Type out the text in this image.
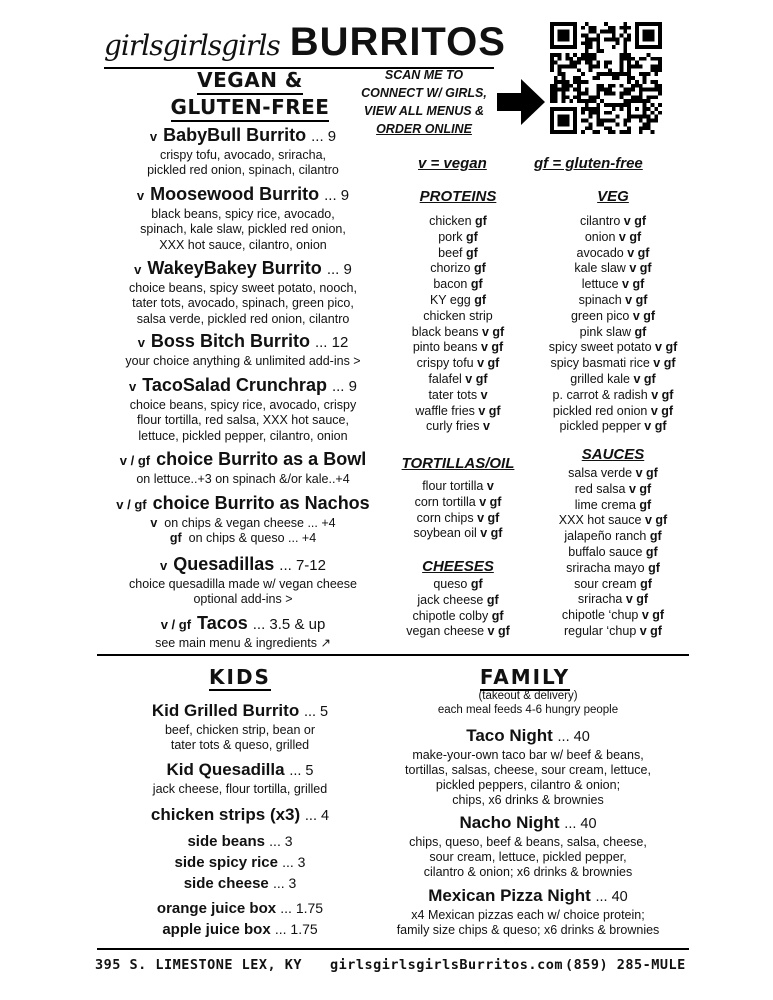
girlsgirlsgirls BURRITOS
VEGAN &
GLUTEN-FREE
SCAN ME TO
CONNECT W/ GIRLS,
VIEW ALL MENUS &
ORDER ONLINE
v = vegan	gf = gluten-free
PROTEINS
chicken gf
pork gf
beef gf
chorizo gf
bacon gf
KY egg gf
chicken strip
black beans v gf
pinto beans v gf
crispy tofu v gf
falafel v gf
tater tots v
waffle fries v gf
curly fries v
VEG
cilantro v gf
onion v gf
avocado v gf
kale slaw v gf
lettuce v gf
spinach v gf
green pico v gf
pink slaw gf
spicy sweet potato v gf
spicy basmati rice v gf
grilled kale v gf
p. carrot & radish v gf
pickled red onion v gf
pickled pepper v gf
TORTILLAS/OIL
flour tortilla v
corn tortilla v gf
corn chips v gf
soybean oil v gf
CHEESES
queso gf
jack cheese gf
chipotle colby gf
vegan cheese v gf
SAUCES
salsa verde v gf
red salsa v gf
lime crema gf
XXX hot sauce v gf
jalapeño ranch gf
buffalo sauce gf
sriracha mayo gf
sour cream gf
sriracha v gf
chipotle ‘chup v gf
regular ‘chup v gf
v BabyBull Burrito ... 9
crispy tofu, avocado, sriracha,
pickled red onion, spinach, cilantro
v Moosewood Burrito ... 9
black beans, spicy rice, avocado,
spinach, kale slaw, pickled red onion,
XXX hot sauce, cilantro, onion
v WakeyBakey Burrito ... 9
choice beans, spicy sweet potato, nooch,
tater tots, avocado, spinach, green pico,
salsa verde, pickled red onion, cilantro
v Boss Bitch Burrito ... 12
your choice anything & unlimited add-ins >
v TacoSalad Crunchrap ... 9
choice beans, spicy rice, avocado, crispy
flour tortilla, red salsa, XXX hot sauce,
lettuce, pickled pepper, cilantro, onion
v / gf choice Burrito as a Bowl
on lettuce..+3 on spinach &/or kale..+4
v / gf choice Burrito as Nachos
v on chips & vegan cheese ... +4
gf on chips & queso ... +4
v Quesadillas ... 7-12
choice quesadilla made w/ vegan cheese
optional add-ins >
v / gf Tacos ... 3.5 & up
see main menu & ingredients ↗
KIDS
Kid Grilled Burrito ... 5
beef, chicken strip, bean or
tater tots & queso, grilled
Kid Quesadilla ... 5
jack cheese, flour tortilla, grilled
chicken strips (x3) ... 4
side beans ... 3
side spicy rice ... 3
side cheese ... 3
orange juice box ... 1.75
apple juice box ... 1.75
FAMILY
(takeout & delivery)
each meal feeds 4-6 hungry people
Taco Night ... 40
make-your-own taco bar w/ beef & beans,
tortillas, salsas, cheese, sour cream, lettuce,
pickled peppers, cilantro & onion;
chips, x6 drinks & brownies
Nacho Night ... 40
chips, queso, beef & beans, salsa, cheese,
sour cream, lettuce, pickled pepper,
cilantro & onion; x6 drinks & brownies
Mexican Pizza Night ... 40
x4 Mexican pizzas each w/ choice protein;
family size chips & queso; x6 drinks & brownies
395 S. LIMESTONE LEX, KY girlsgirlsgirlsBurritos.com (859) 285-MULE
